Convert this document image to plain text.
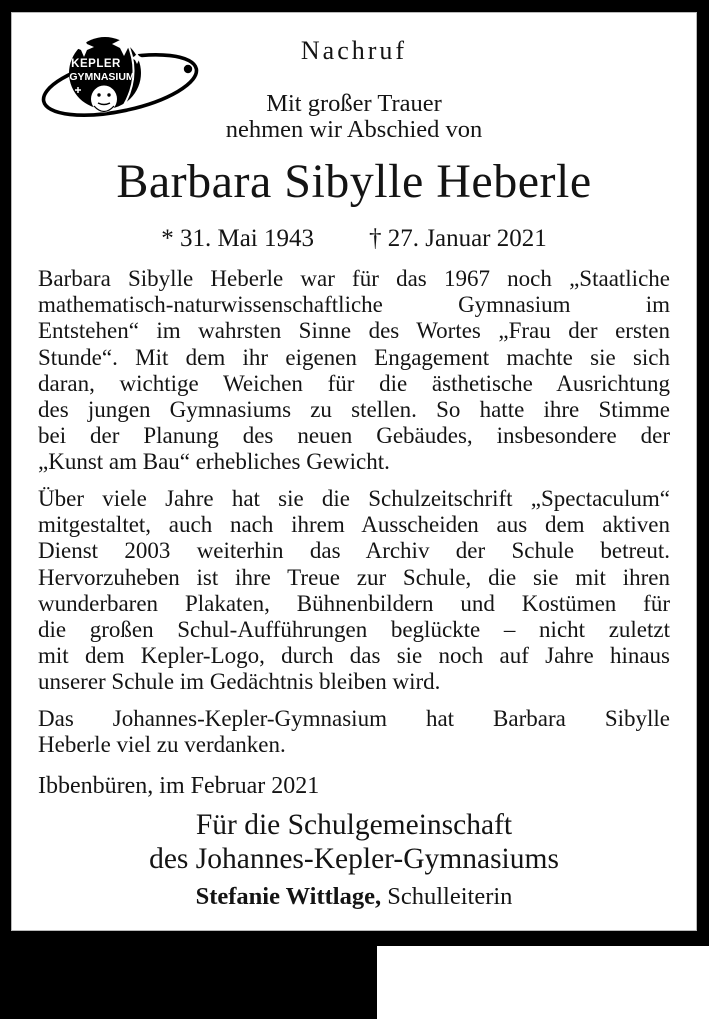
KEPLER
GYMNASIUM
Nachruf
Mit großer Trauer
nehmen wir Abschied von
Barbara Sibylle Heberle
* 31. Mai 1943 † 27. Januar 2021
Barbara Sibylle Heberle war für das 1967 noch „Staatliche
mathematisch-naturwissenschaftliche Gymnasium im
Entstehen“ im wahrsten Sinne des Wortes „Frau der ersten
Stunde“. Mit dem ihr eigenen Engagement machte sie sich
daran, wichtige Weichen für die ästhetische Ausrichtung
des jungen Gymnasiums zu stellen. So hatte ihre Stimme
bei der Planung des neuen Gebäudes, insbesondere der
„Kunst am Bau“ erhebliches Gewicht.
Über viele Jahre hat sie die Schulzeitschrift „Spectaculum“
mitgestaltet, auch nach ihrem Ausscheiden aus dem aktiven
Dienst 2003 weiterhin das Archiv der Schule betreut.
Hervorzuheben ist ihre Treue zur Schule, die sie mit ihren
wunderbaren Plakaten, Bühnenbildern und Kostümen für
die großen Schul-Aufführungen beglückte – nicht zuletzt
mit dem Kepler-Logo, durch das sie noch auf Jahre hinaus
unserer Schule im Gedächtnis bleiben wird.
Das Johannes-Kepler-Gymnasium hat Barbara Sibylle
Heberle viel zu verdanken.
Ibbenbüren, im Februar 2021
Für die Schulgemeinschaft
des Johannes-Kepler-Gymnasiums
Stefanie Wittlage, Schulleiterin
